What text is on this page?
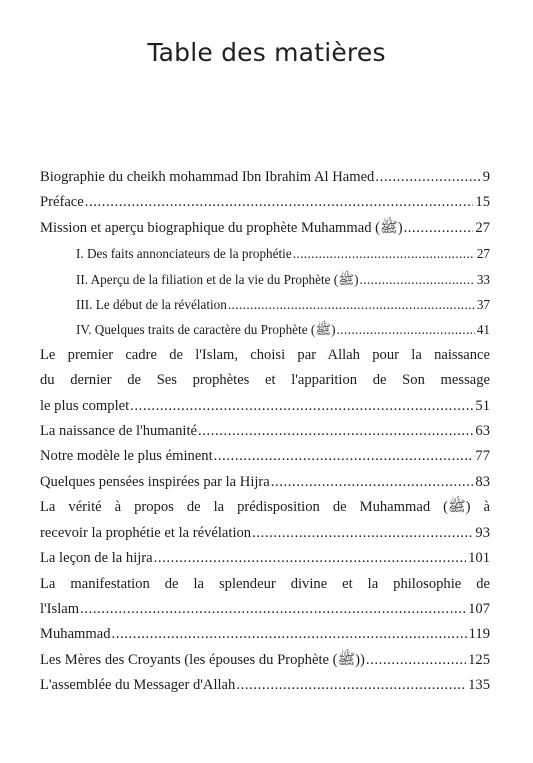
Table des matières
Biographie du cheikh mohammad Ibn Ibrahim Al Hamed .....	9
Préface .....	15
Mission et aperçu biographique du prophète Muhammad (ﷺ) .....	27
I. Des faits annonciateurs de la prophétie .....	27
II. Aperçu de la filiation et de la vie du Prophète (ﷺ) .....	33
III. Le début de la révélation .....	37
IV. Quelques traits de caractère du Prophète (ﷺ) .....	41
Le premier cadre de l'Islam, choisi par Allah pour la naissance
du dernier de Ses prophètes et l'apparition de Son message
le plus complet .....	51
La naissance de l'humanité .....	63
Notre modèle le plus éminent .....	77
Quelques pensées inspirées par la Hijra .....	83
La vérité à propos de la prédisposition de Muhammad (ﷺ) à
recevoir la prophétie et la révélation .....	93
La leçon de la hijra .....	101
La manifestation de la splendeur divine et la philosophie de
l'Islam .....	107
Muhammad .....	119
Les Mères des Croyants (les épouses du Prophète (ﷺ)) .....	125
L'assemblée du Messager d'Allah .....	135
